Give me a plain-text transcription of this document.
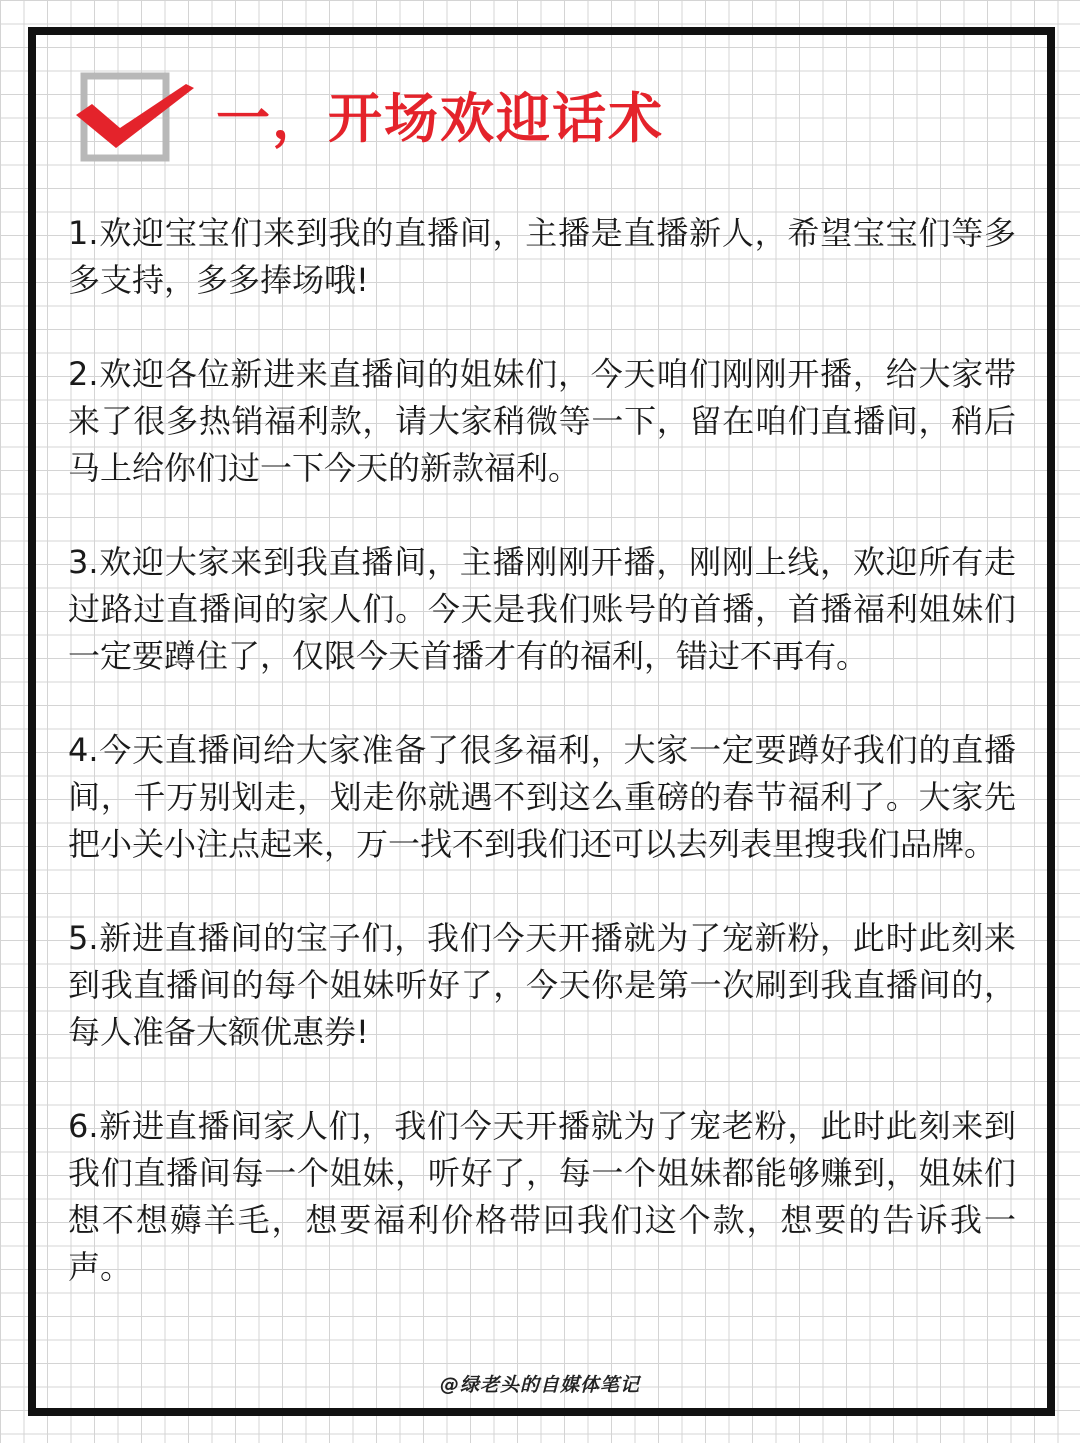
一，开场欢迎话术

1.欢迎宝宝们来到我的直播间，主播是直播新人，希望宝宝们等多多支持，多多捧场哦!

2.欢迎各位新进来直播间的姐妹们，今天咱们刚刚开播，给大家带来了很多热销福利款，请大家稍微等一下，留在咱们直播间，稍后马上给你们过一下今天的新款福利。

3.欢迎大家来到我直播间，主播刚刚开播，刚刚上线，欢迎所有走过路过直播间的家人们。今天是我们账号的首播，首播福利姐妹们一定要蹲住了，仅限今天首播才有的福利，错过不再有。

4.今天直播间给大家准备了很多福利，大家一定要蹲好我们的直播间，千万别划走，划走你就遇不到这么重磅的春节福利了。大家先把小关小注点起来，万一找不到我们还可以去列表里搜我们品牌。

5.新进直播间的宝子们，我们今天开播就为了宠新粉，此时此刻来到我直播间的每个姐妹听好了，今天你是第一次刷到我直播间的，每人准备大额优惠券!

6.新进直播间家人们，我们今天开播就为了宠老粉，此时此刻来到我们直播间每一个姐妹，听好了，每一个姐妹都能够赚到，姐妹们想不想薅羊毛，想要福利价格带回我们这个款，想要的告诉我一声。

@绿老头的自媒体笔记
